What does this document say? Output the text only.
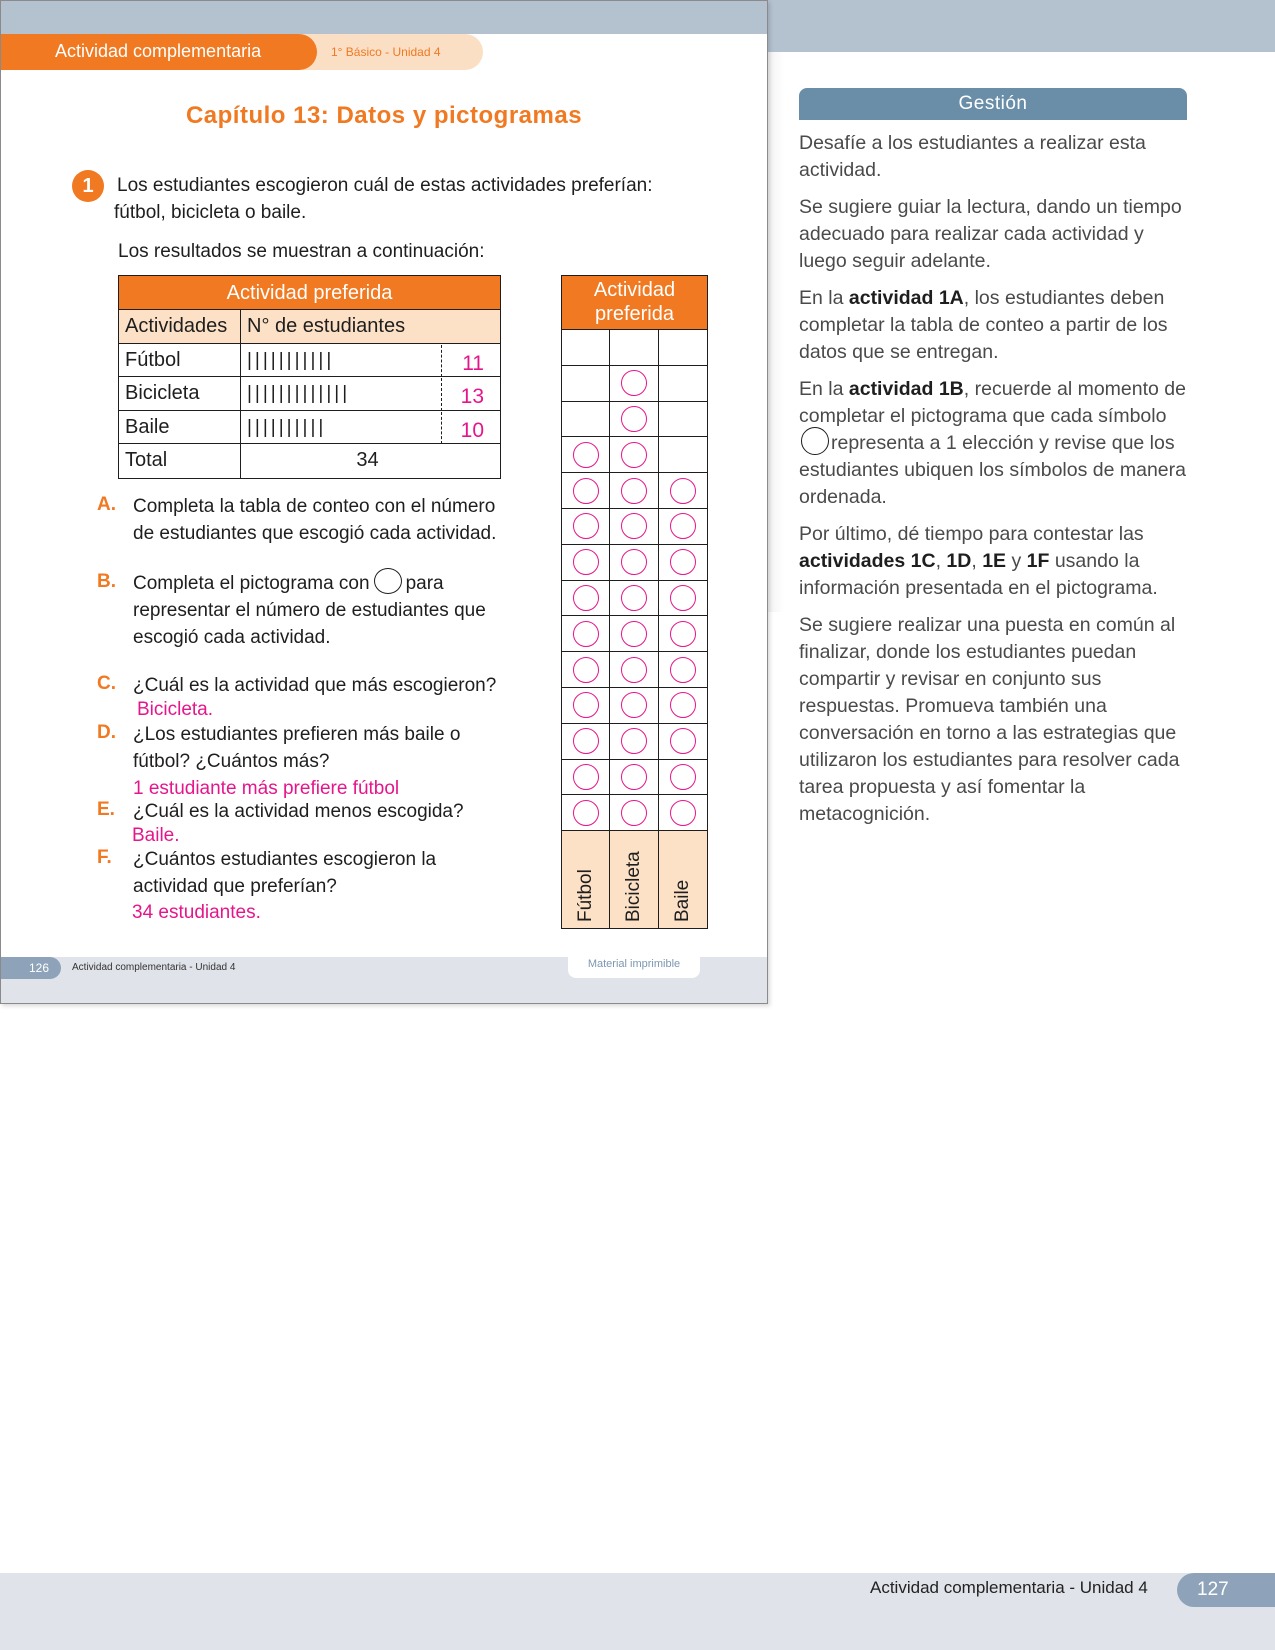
1° Básico - Unidad 4
Actividad complementaria
Capítulo 13: Datos y pictogramas
1	Los estudiantes escogieron cuál de estas actividades preferían:
fútbol, bicicleta o baile.
Los resultados se muestran a continuación:
Actividad preferida
Actividades N° de estudiantes
Fútbol	|||||||||||	11
Bicicleta	|||||||||||||	13
Baile	||||||||||	10
Total	34
Actividad
preferida
Fútbol Bicicleta Baile
A. Completa la tabla de conteo con el número
de estudiantes que escogió cada actividad.
B. Completa el pictograma con para
representar el número de estudiantes que
escogió cada actividad.
C. ¿Cuál es la actividad que más escogieron?
Bicicleta.
D. ¿Los estudiantes prefieren más baile o
fútbol? ¿Cuántos más?
1 estudiante más prefiere fútbol
E. ¿Cuál es la actividad menos escogida?
Baile.
F. ¿Cuántos estudiantes escogieron la
actividad que preferían?
34 estudiantes.
126	Actividad complementaria - Unidad 4	Material imprimible
Gestión

Desafíe a los estudiantes a realizar esta actividad.

Se sugiere guiar la lectura, dando un tiempo adecuado para realizar cada actividad y luego seguir adelante.

En la actividad 1A, los estudiantes deben completar la tabla de conteo a partir de los datos que se entregan.

En la actividad 1B, recuerde al momento de completar el pictograma que cada símbolorepresenta a 1 elección y revise que los estudiantes ubiquen los símbolos de manera ordenada.

Por último, dé tiempo para contestar las actividades 1C, 1D, 1E y 1F usando la información presentada en el pictograma.

Se sugiere realizar una puesta en común al finalizar, donde los estudiantes puedan compartir y revisar en conjunto sus respuestas. Promueva también una conversación en torno a las estrategias que utilizaron los estudiantes para resolver cada tarea propuesta y así fomentar la metacognición.

Actividad complementaria - Unidad 4	127
